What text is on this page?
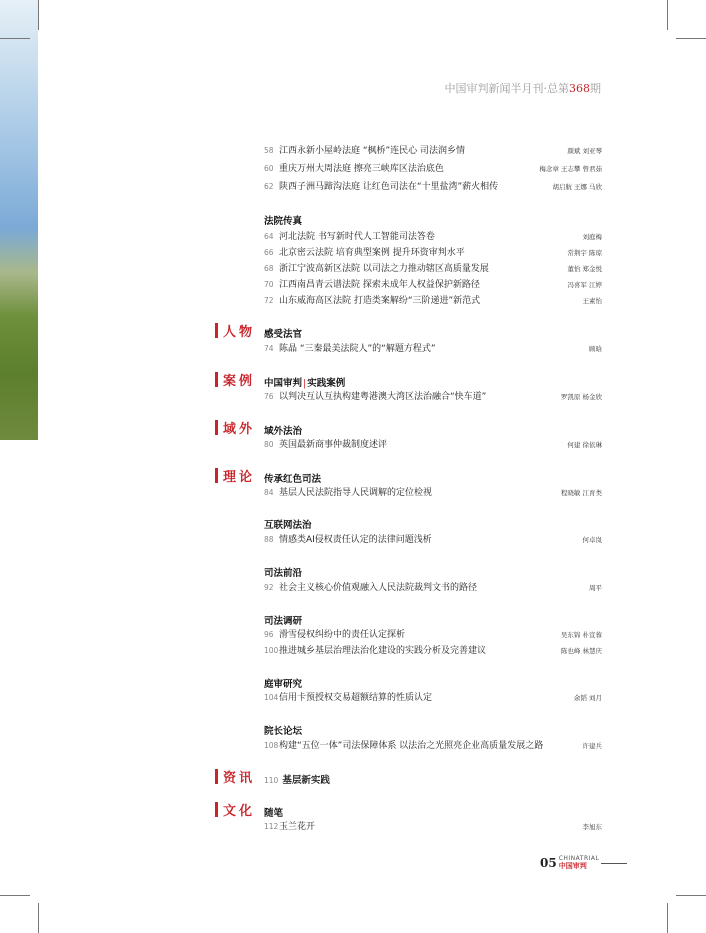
中国审判新闻半月刊·总第368期
58 江西永新小屋岭法庭 “枫桥”连民心 司法润乡情	颜斌 刘亚琴
60 重庆万州大周法庭 擦亮三峡库区法治底色	梅念章 王志攀 曾君茹
62 陕西子洲马蹄沟法庭 让红色司法在“十里盐湾”薪火相传	胡启航 王娜 马欣
法院传真
64 河北法院 书写新时代人工智能司法答卷	刘庭梅
66 北京密云法院 培育典型案例 提升环资审判水平	常荆宇 陈琼
68 浙江宁波高新区法院 以司法之力推动辖区高质量发展	董怡 郑金悦
70 江西南昌青云谱法院 探索未成年人权益保护新路径	冯喜军 江婷
72 山东威海高区法院 打造类案解纷“三阶递进”新范式	王素怡
人物 感受法官
74 陈晶 “三秦最美法院人”的“解题方程式”	顾晗
案例 中国审判|实践案例
76 以判决互认互执构建粤港澳大湾区法治融合“快车道”	罗凯原 杨金欣
域外 域外法治
80 英国最新商事仲裁制度述评	何建 徐依琳
理论 传承红色司法
84 基层人民法院指导人民调解的定位检视	程晓敏 江育类
互联网法治
88 情感类AI侵权责任认定的法律问题浅析	何卓岚
司法前沿
92 社会主义核心价值观融入人民法院裁判文书的路径	周平
司法调研
96 滑雪侵权纠纷中的责任认定探析	吴东锦 朴宣蓉
100推进城乡基层治理法治化建设的实践分析及完善建议	陈也峰 林慧庆
庭审研究
104信用卡预授权交易超额结算的性质认定	余韬 刘月
院长论坛
108构建“五位一体”司法保障体系 以法治之光照亮企业高质量发展之路	许建兵
资讯 110 基层新实践
文化 随笔
112玉兰花开	李旭东
05 CHINATRIAL
中国审判
